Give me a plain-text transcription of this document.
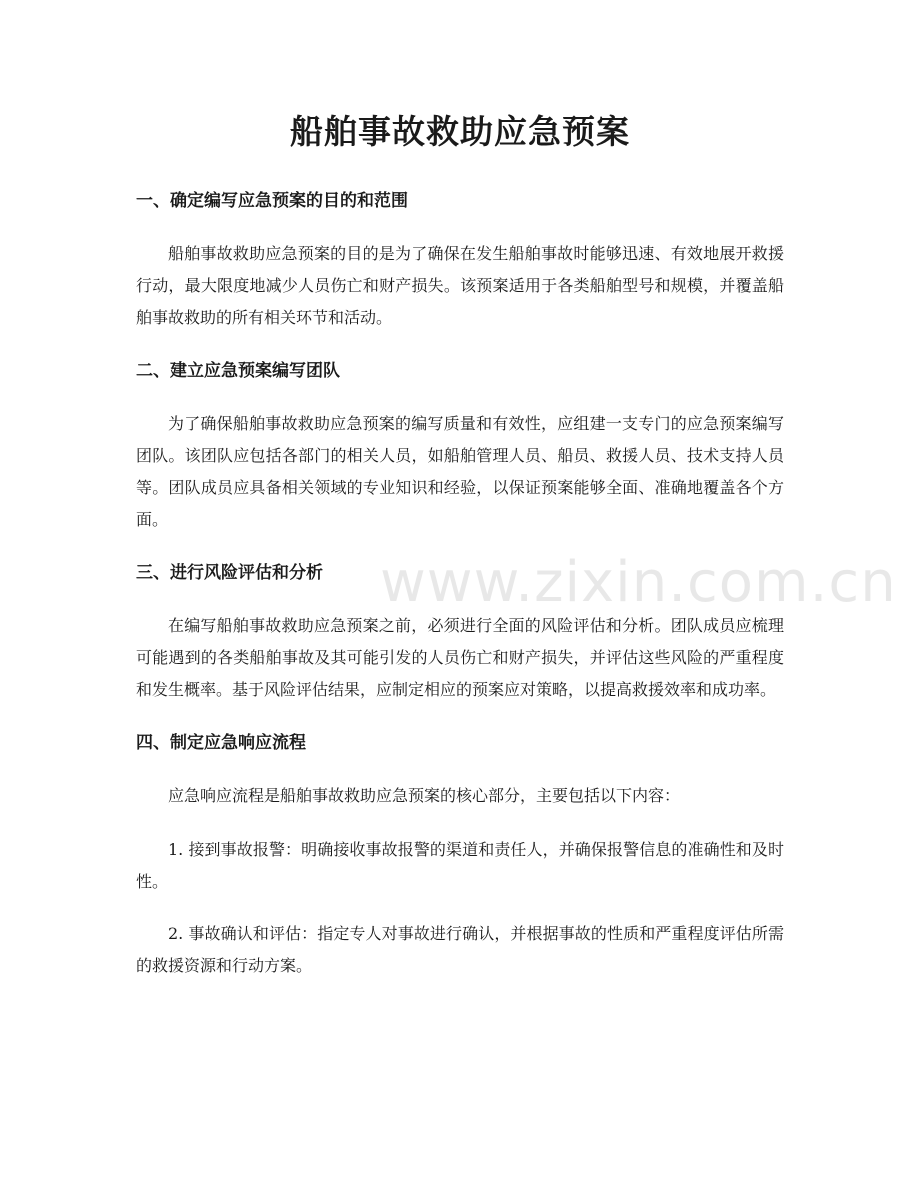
船舶事故救助应急预案
一、确定编写应急预案的目的和范围

船舶事故救助应急预案的目的是为了确保在发生船舶事故时能够迅速、有效地展开救援行动，最大限度地减少人员伤亡和财产损失。该预案适用于各类船舶型号和规模，并覆盖船舶事故救助的所有相关环节和活动。

二、建立应急预案编写团队

为了确保船舶事故救助应急预案的编写质量和有效性，应组建一支专门的应急预案编写团队。该团队应包括各部门的相关人员，如船舶管理人员、船员、救援人员、技术支持人员等。团队成员应具备相关领域的专业知识和经验，以保证预案能够全面、准确地覆盖各个方面。

三、进行风险评估和分析

在编写船舶事故救助应急预案之前，必须进行全面的风险评估和分析。团队成员应梳理可能遇到的各类船舶事故及其可能引发的人员伤亡和财产损失，并评估这些风险的严重程度和发生概率。基于风险评估结果，应制定相应的预案应对策略，以提高救援效率和成功率。

四、制定应急响应流程

应急响应流程是船舶事故救助应急预案的核心部分，主要包括以下内容：

1. 接到事故报警：明确接收事故报警的渠道和责任人，并确保报警信息的准确性和及时性。

2. 事故确认和评估：指定专人对事故进行确认，并根据事故的性质和严重程度评估所需的救援资源和行动方案。

www.zixin.com.cn
